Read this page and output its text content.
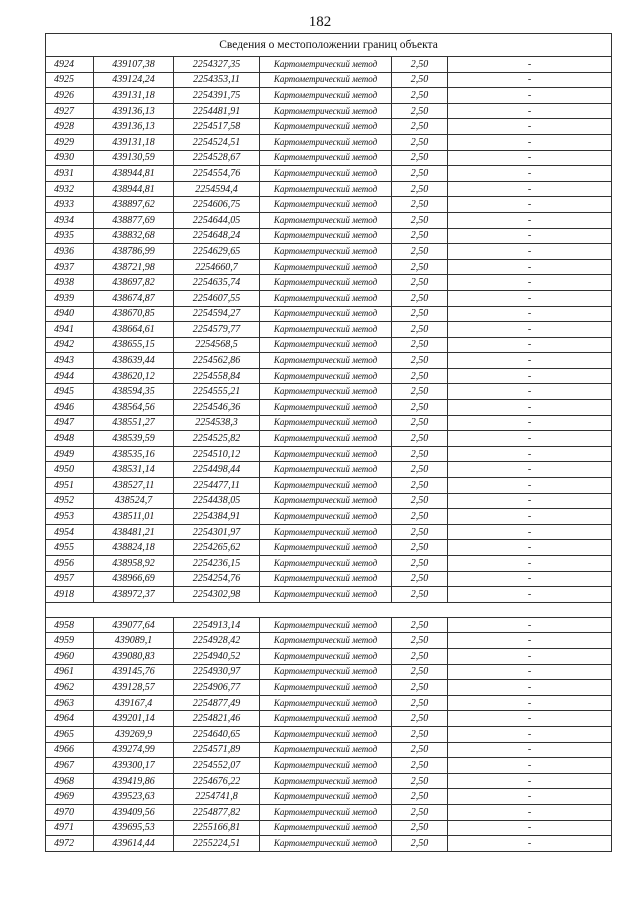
182
Сведения о местоположении границ объекта					
4924	439107,38	2254327,35	Картометрический метод	2,50	-
4925	439124,24	2254353,11	Картометрический метод	2,50	-
4926	439131,18	2254391,75	Картометрический метод	2,50	-
4927	439136,13	2254481,91	Картометрический метод	2,50	-
4928	439136,13	2254517,58	Картометрический метод	2,50	-
4929	439131,18	2254524,51	Картометрический метод	2,50	-
4930	439130,59	2254528,67	Картометрический метод	2,50	-
4931	438944,81	2254554,76	Картометрический метод	2,50	-
4932	438944,81	2254594,4	Картометрический метод	2,50	-
4933	438897,62	2254606,75	Картометрический метод	2,50	-
4934	438877,69	2254644,05	Картометрический метод	2,50	-
4935	438832,68	2254648,24	Картометрический метод	2,50	-
4936	438786,99	2254629,65	Картометрический метод	2,50	-
4937	438721,98	2254660,7	Картометрический метод	2,50	-
4938	438697,82	2254635,74	Картометрический метод	2,50	-
4939	438674,87	2254607,55	Картометрический метод	2,50	-
4940	438670,85	2254594,27	Картометрический метод	2,50	-
4941	438664,61	2254579,77	Картометрический метод	2,50	-
4942	438655,15	2254568,5	Картометрический метод	2,50	-
4943	438639,44	2254562,86	Картометрический метод	2,50	-
4944	438620,12	2254558,84	Картометрический метод	2,50	-
4945	438594,35	2254555,21	Картометрический метод	2,50	-
4946	438564,56	2254546,36	Картометрический метод	2,50	-
4947	438551,27	2254538,3	Картометрический метод	2,50	-
4948	438539,59	2254525,82	Картометрический метод	2,50	-
4949	438535,16	2254510,12	Картометрический метод	2,50	-
4950	438531,14	2254498,44	Картометрический метод	2,50	-
4951	438527,11	2254477,11	Картометрический метод	2,50	-
4952	438524,7	2254438,05	Картометрический метод	2,50	-
4953	438511,01	2254384,91	Картометрический метод	2,50	-
4954	438481,21	2254301,97	Картометрический метод	2,50	-
4955	438824,18	2254265,62	Картометрический метод	2,50	-
4956	438958,92	2254236,15	Картометрический метод	2,50	-
4957	438966,69	2254254,76	Картометрический метод	2,50	-
4918	438972,37	2254302,98	Картометрический метод	2,50	-

4958	439077,64	2254913,14	Картометрический метод	2,50	-
4959	439089,1	2254928,42	Картометрический метод	2,50	-
4960	439080,83	2254940,52	Картометрический метод	2,50	-
4961	439145,76	2254930,97	Картометрический метод	2,50	-
4962	439128,57	2254906,77	Картометрический метод	2,50	-
4963	439167,4	2254877,49	Картометрический метод	2,50	-
4964	439201,14	2254821,46	Картометрический метод	2,50	-
4965	439269,9	2254640,65	Картометрический метод	2,50	-
4966	439274,99	2254571,89	Картометрический метод	2,50	-
4967	439300,17	2254552,07	Картометрический метод	2,50	-
4968	439419,86	2254676,22	Картометрический метод	2,50	-
4969	439523,63	2254741,8	Картометрический метод	2,50	-
4970	439409,56	2254877,82	Картометрический метод	2,50	-
4971	439695,53	2255166,81	Картометрический метод	2,50	-
4972	439614,44	2255224,51	Картометрический метод	2,50	-
